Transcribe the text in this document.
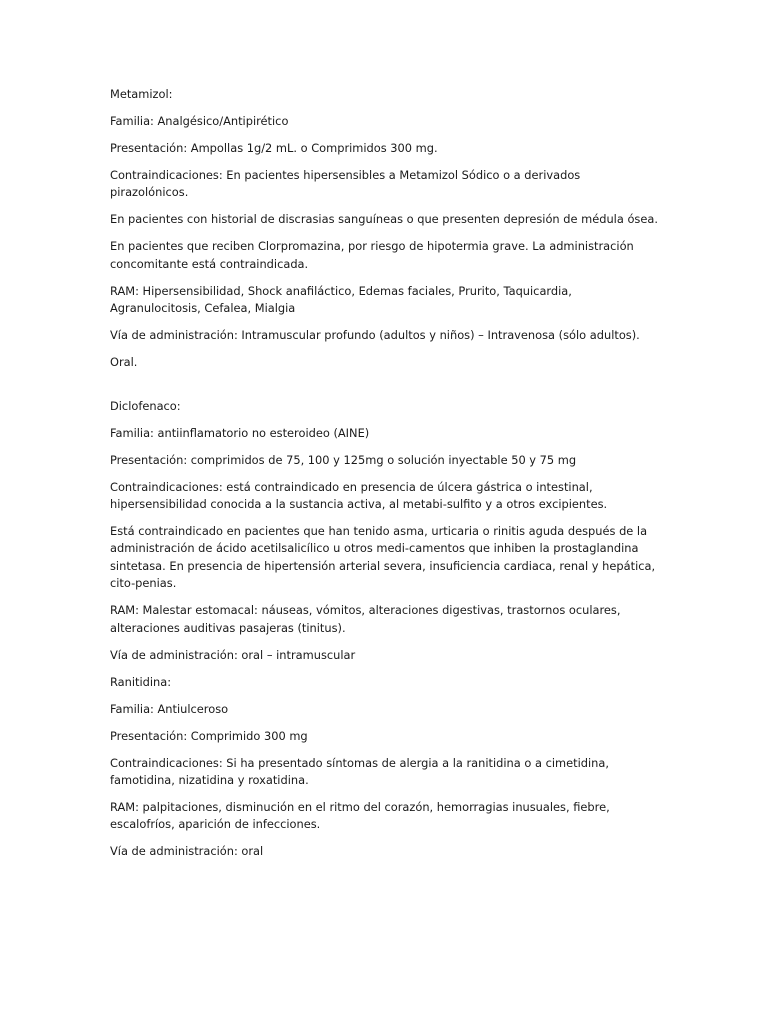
Metamizol:

Familia: Analgésico/Antipirético

Presentación: Ampollas 1g/2 mL. o Comprimidos 300 mg.

Contraindicaciones: En pacientes hipersensibles a Metamizol Sódico o a derivados pirazolónicos.

En pacientes con historial de discrasias sanguíneas o que presenten depresión de médula ósea.

En pacientes que reciben Clorpromazina, por riesgo de hipotermia grave. La administración concomitante está contraindicada.

RAM: Hipersensibilidad, Shock anafiláctico, Edemas faciales, Prurito, Taquicardia, Agranulocitosis, Cefalea, Mialgia

Vía de administración: Intramuscular profundo (adultos y niños) – Intravenosa (sólo adultos).

Oral.

Diclofenaco:

Familia: antiinflamatorio no esteroideo (AINE)

Presentación: comprimidos de 75, 100 y 125mg o solución inyectable 50 y 75 mg

Contraindicaciones: está contraindicado en presencia de úlcera gástrica o intestinal, hipersensibilidad conocida a la sustancia activa, al metabi-sulfito y a otros excipientes.

Está contraindicado en pacientes que han tenido asma, urticaria o rinitis aguda después de la administración de ácido acetilsalicílico u otros medi-camentos que inhiben la prostaglandina sintetasa. En presencia de hipertensión arterial severa, insuficiencia cardiaca, renal y hepática, cito-penias.

RAM: Malestar estomacal: náuseas, vómitos, alteraciones digestivas, trastornos oculares, alteraciones auditivas pasajeras (tinitus).

Vía de administración: oral – intramuscular

Ranitidina:

Familia: Antiulceroso

Presentación: Comprimido 300 mg

Contraindicaciones: Si ha presentado síntomas de alergia a la ranitidina o a cimetidina, famotidina, nizatidina y roxatidina.

RAM: palpitaciones, disminución en el ritmo del corazón, hemorragias inusuales, fiebre, escalofríos, aparición de infecciones.

Vía de administración: oral
